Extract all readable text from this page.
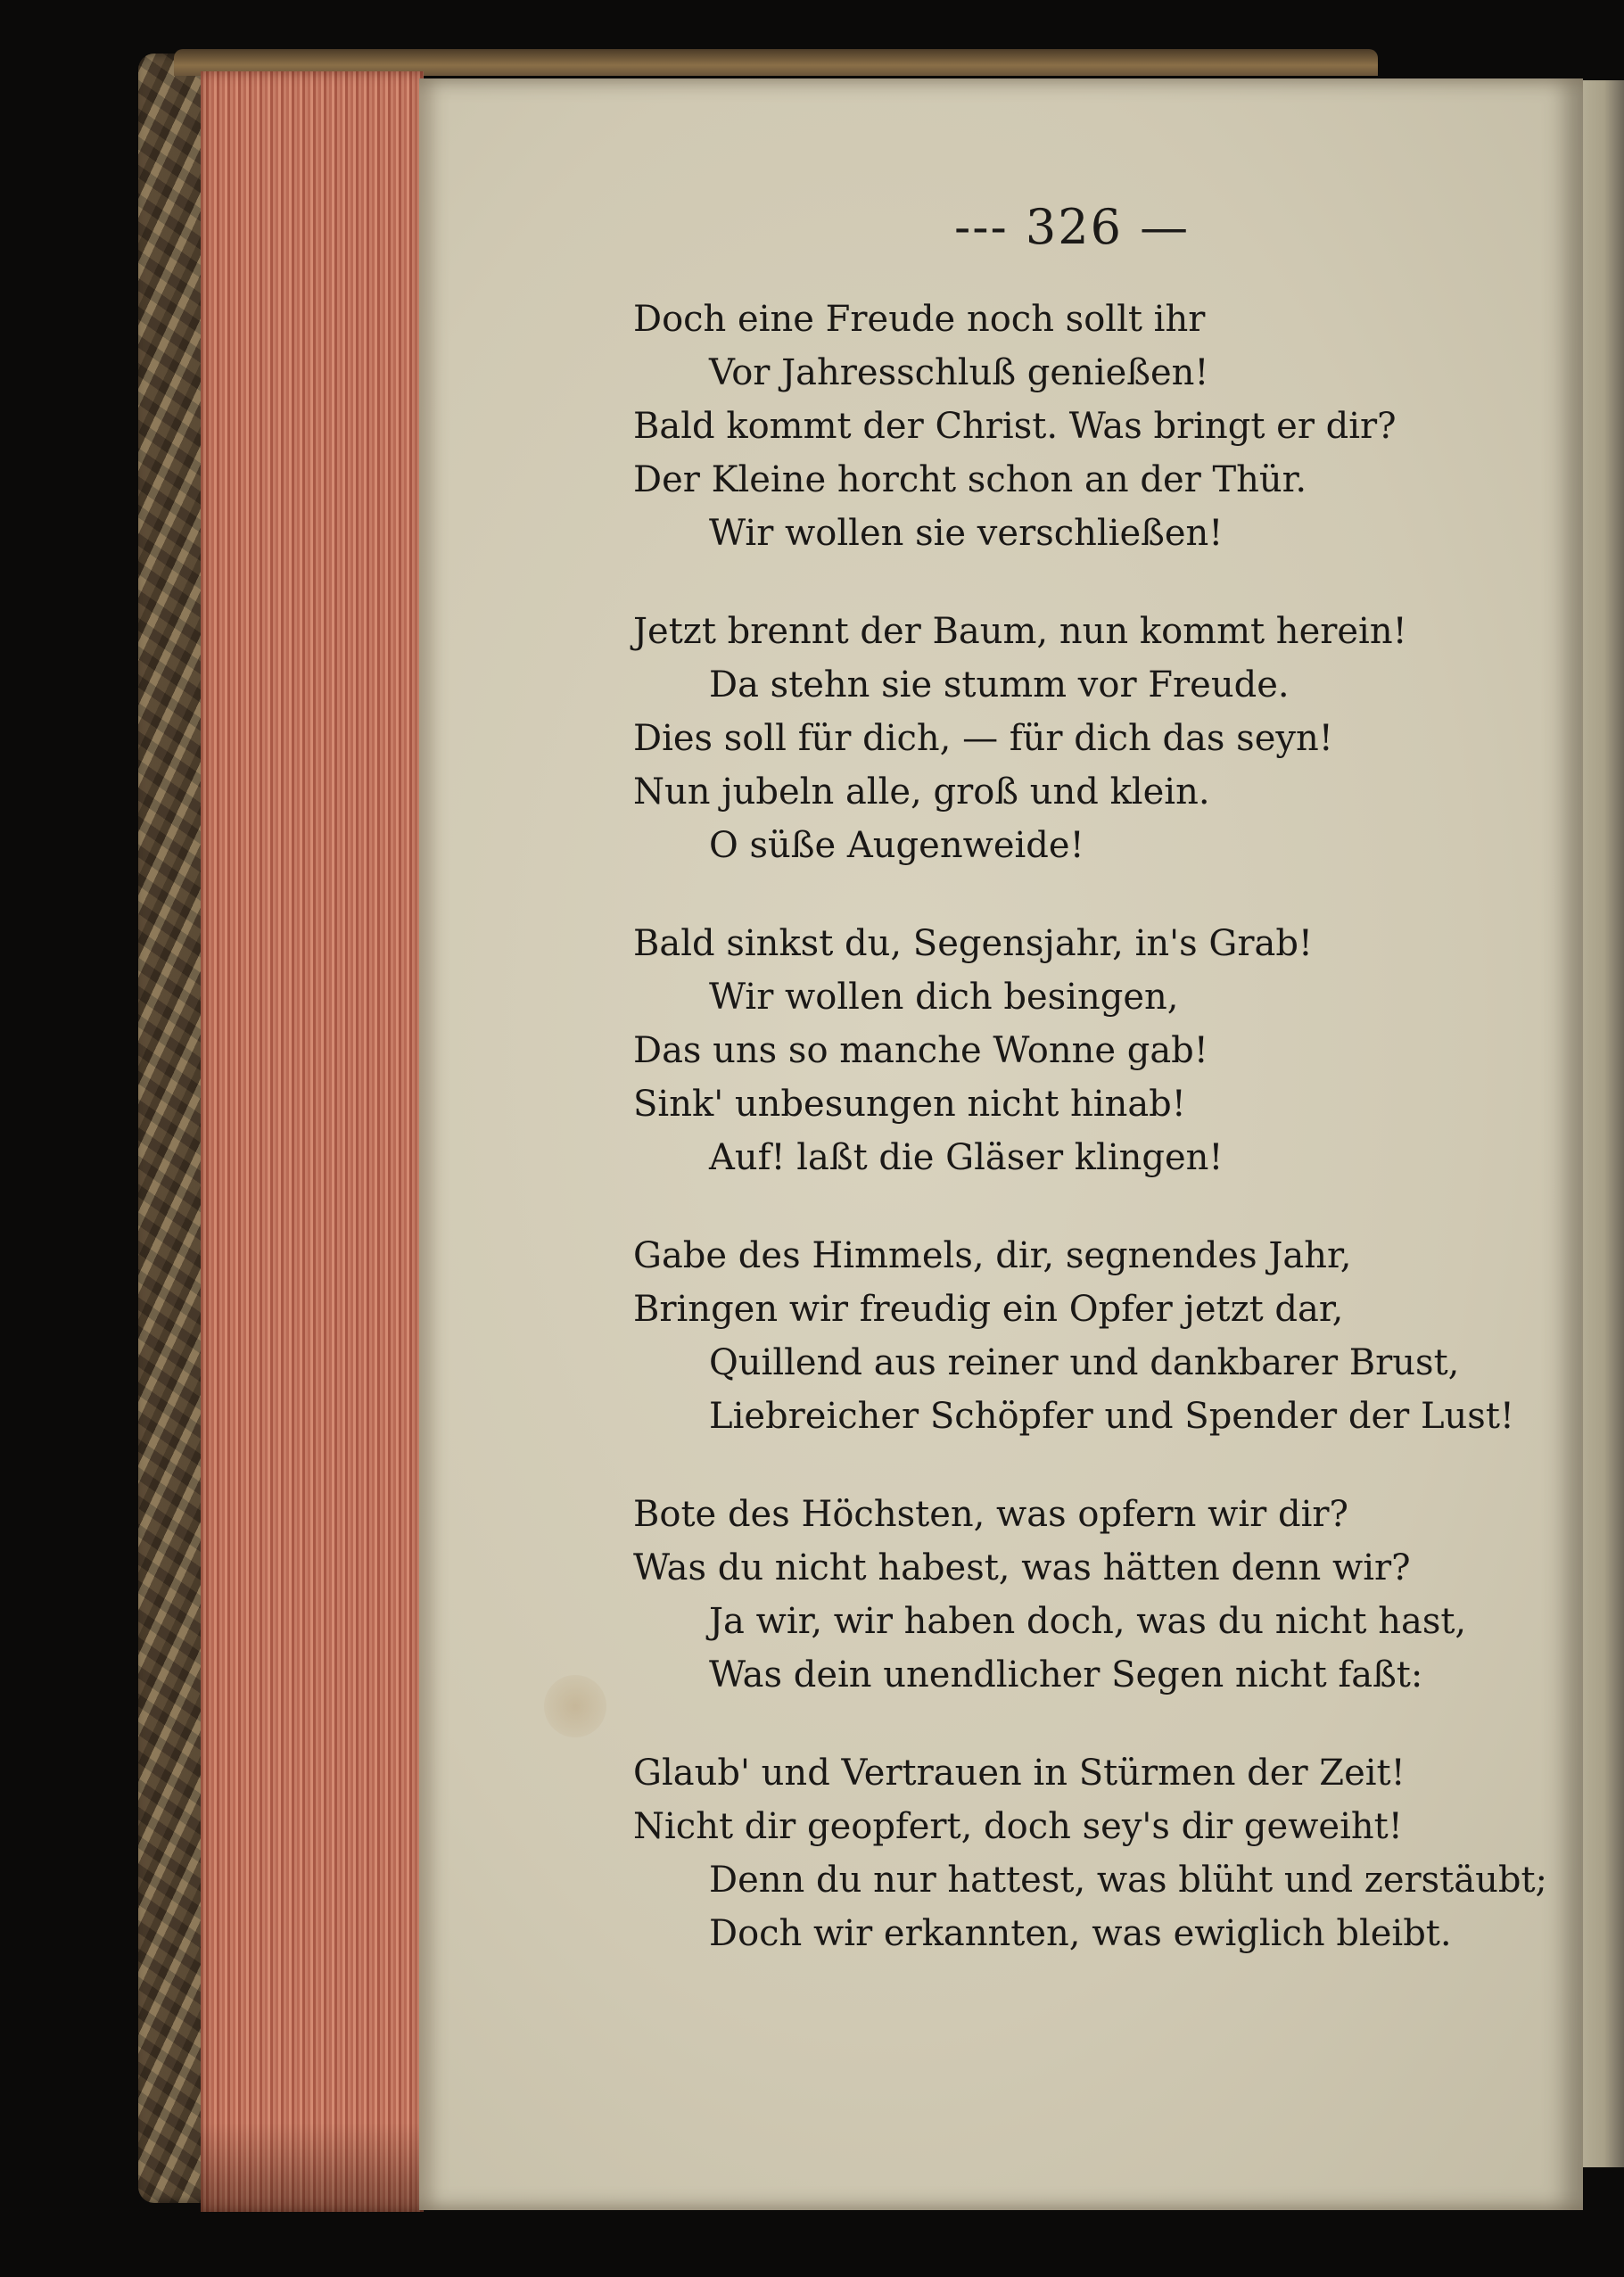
--- 326 —
Doch eine Freude noch sollt ihr
Vor Jahresschluß genießen!
Bald kommt der Christ. Was bringt er dir?
Der Kleine horcht schon an der Thür.
Wir wollen sie verschließen!
Jetzt brennt der Baum, nun kommt herein!
Da stehn sie stumm vor Freude.
Dies soll für dich, — für dich das seyn!
Nun jubeln alle, groß und klein.
O süße Augenweide!
Bald sinkst du, Segensjahr, in's Grab!
Wir wollen dich besingen,
Das uns so manche Wonne gab!
Sink' unbesungen nicht hinab!
Auf! laßt die Gläser klingen!
Gabe des Himmels, dir, segnendes Jahr,
Bringen wir freudig ein Opfer jetzt dar,
Quillend aus reiner und dankbarer Brust,
Liebreicher Schöpfer und Spender der Lust!
Bote des Höchsten, was opfern wir dir?
Was du nicht habest, was hätten denn wir?
Ja wir, wir haben doch, was du nicht hast,
Was dein unendlicher Segen nicht faßt:
Glaub' und Vertrauen in Stürmen der Zeit!
Nicht dir geopfert, doch sey's dir geweiht!
Denn du nur hattest, was blüht und zerstäubt;
Doch wir erkannten, was ewiglich bleibt.
